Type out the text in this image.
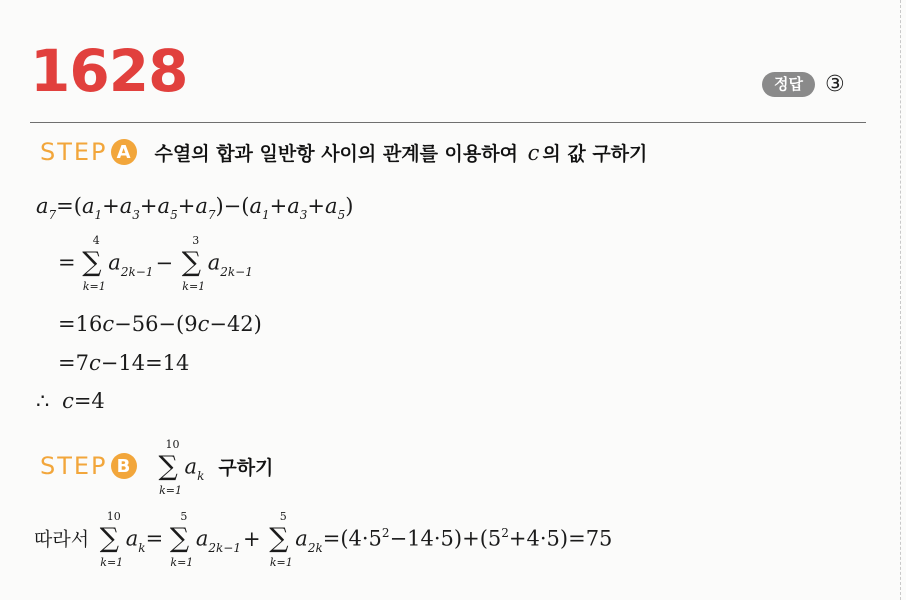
1628	정답	③
STEP A	수열의 합과 일반항 사이의 관계를 이용하여 c 의 값 구하기
$a_7=(a_1+a_3+a_5+a_7)-(a_1+a_3+a_5)$
=
4
∑
k=1
$a_{2k-1}-$
3
∑
k=1
$a_{2k-1}$
=16c−56−(9c−42)
=7c−14=14
∴ c=4
STEP B
10
∑
k=1
$a_k$ 구하기
따라서
10
∑
k=1
$a_k=$
5
∑
k=1
$a_{2k-1}+$
5
∑
k=1
$a_{2k}=(4\cdot 5^2-14\cdot 5)+(5^2+4\cdot 5)=75$
